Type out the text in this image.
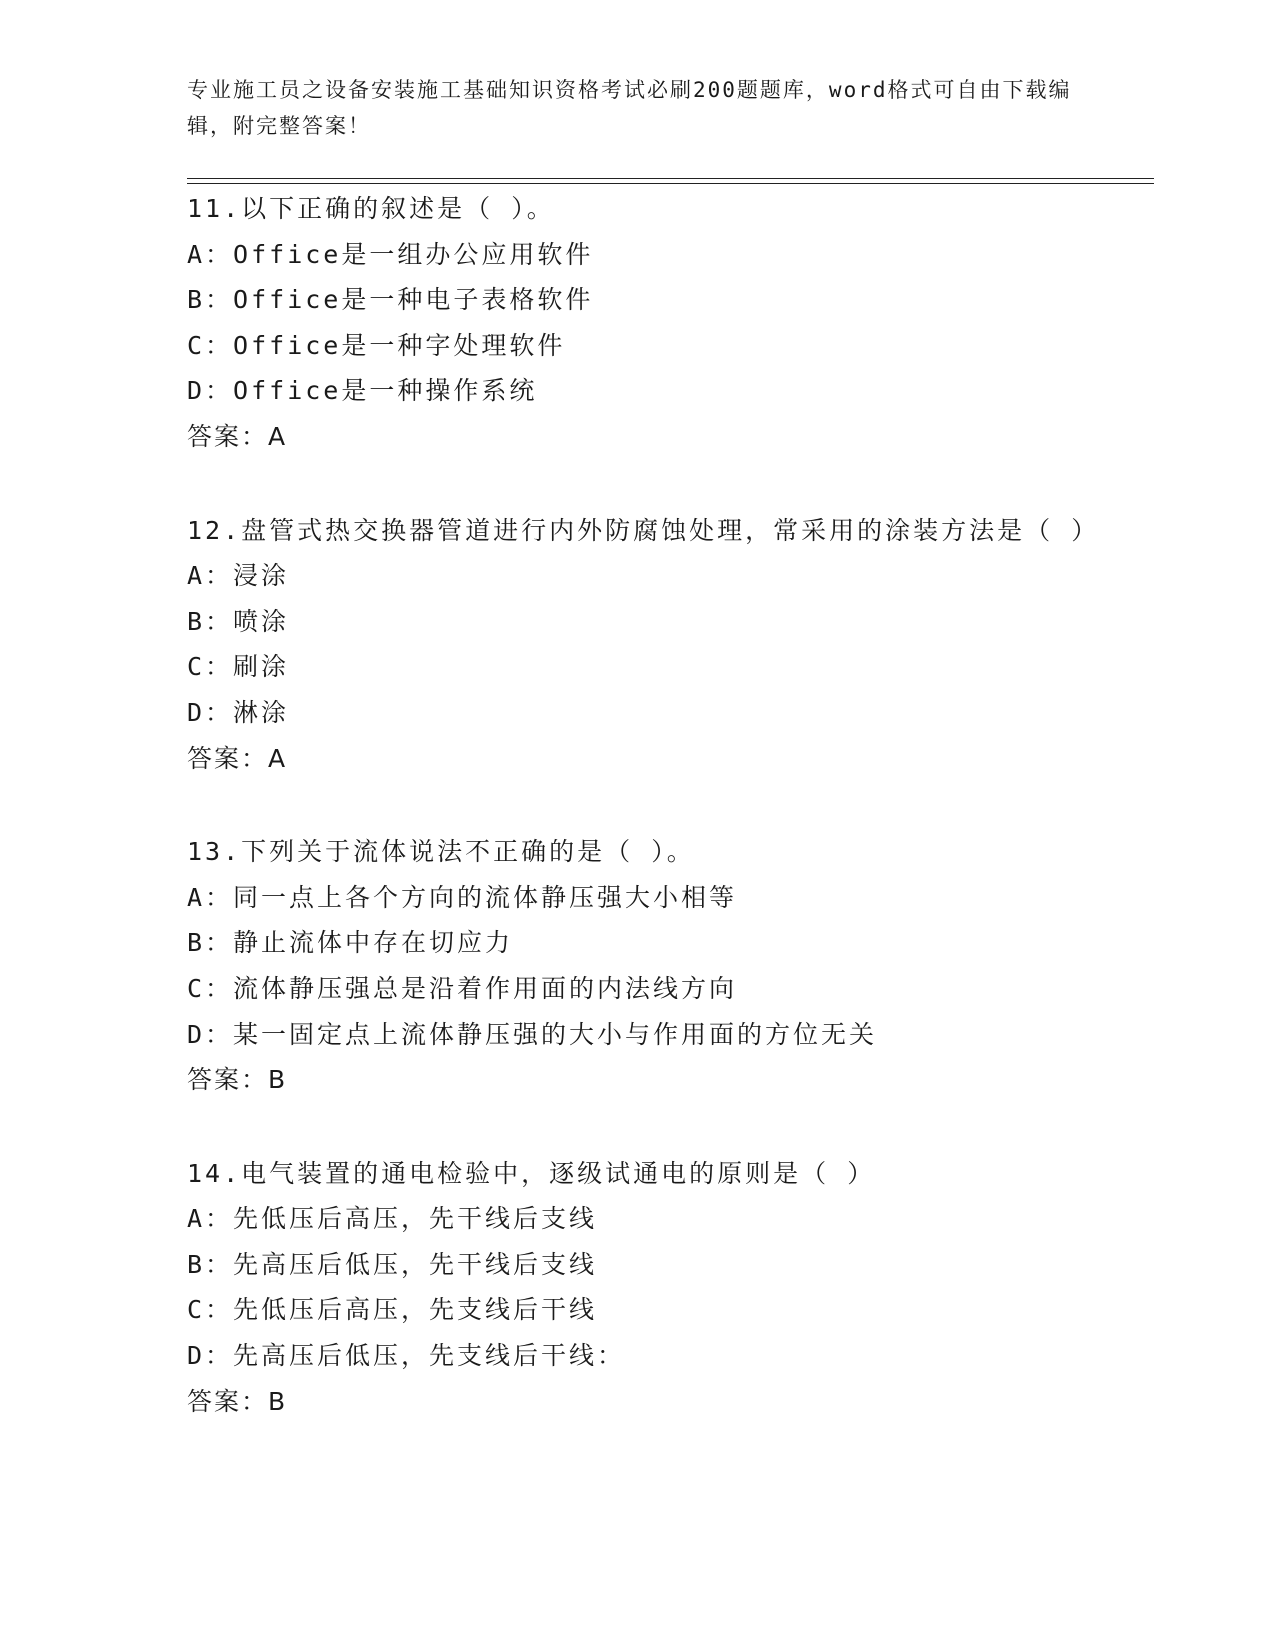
专业施工员之设备安装施工基础知识资格考试必刷200题题库，word格式可自由下载编辑，附完整答案！
11.以下正确的叙述是（ ）。
A：Office是一组办公应用软件
B：Office是一种电子表格软件
C：Office是一种字处理软件
D：Office是一种操作系统
答案：A
12.盘管式热交换器管道进行内外防腐蚀处理，常采用的涂装方法是（ ）
A：浸涂
B：喷涂
C：刷涂
D：淋涂
答案：A
13.下列关于流体说法不正确的是（ ）。
A：同一点上各个方向的流体静压强大小相等
B：静止流体中存在切应力
C：流体静压强总是沿着作用面的内法线方向
D：某一固定点上流体静压强的大小与作用面的方位无关
答案：B
14.电气装置的通电检验中，逐级试通电的原则是（ ）
A：先低压后高压，先干线后支线
B：先高压后低压，先干线后支线
C：先低压后高压，先支线后干线
D：先高压后低压，先支线后干线：
答案：B
